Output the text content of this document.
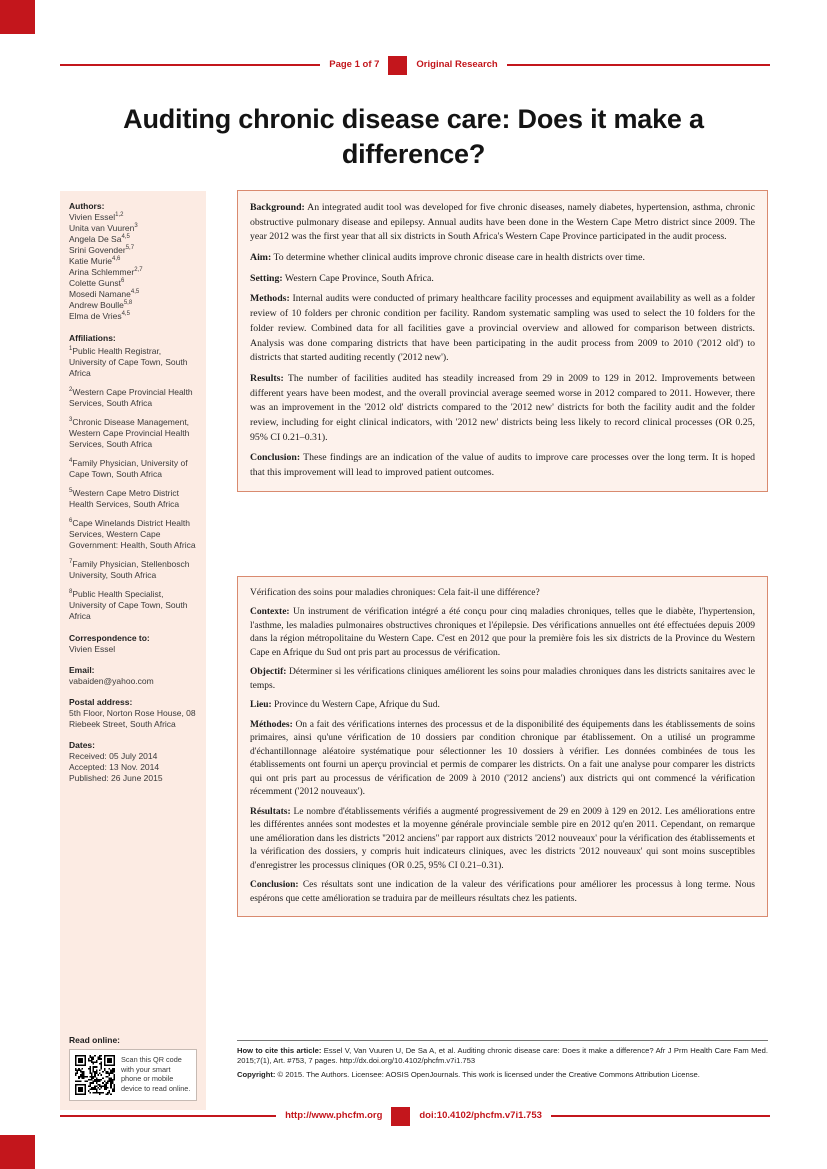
Page 1 of 7	Original Research
Auditing chronic disease care: Does it make a difference?
Authors:
Vivien Essel$^{1,2}$
Unita van Vuuren$^3$
Angela De Sa$^{4,5}$
Srini Govender$^{5,7}$
Katie Murie$^{4,6}$
Arina Schlemmer$^{2,7}$
Colette Gunst$^6$
Mosedi Namane$^{4,5}$
Andrew Boulle$^{5,8}$
Elma de Vries$^{4,5}$
Affiliations:

$^1$Public Health Registrar, University of Cape Town, South Africa

$^2$Western Cape Provincial Health Services, South Africa

$^3$Chronic Disease Management, Western Cape Provincial Health Services, South Africa

$^4$Family Physician, University of Cape Town, South Africa

$^5$Western Cape Metro District Health Services, South Africa

$^6$Cape Winelands District Health Services, Western Cape Government: Health, South Africa

$^7$Family Physician, Stellenbosch University, South Africa

$^8$Public Health Specialist, University of Cape Town, South Africa

Correspondence to:
Vivien Essel
Email:
vabaiden@yahoo.com
Postal address:
5th Floor, Norton Rose House, 08 Riebeek Street, South Africa
Dates:
Received: 05 July 2014
Accepted: 13 Nov. 2014
Published: 26 June 2015
Read online:
Scan this QR code with your smart phone or mobile device to read online.

Background: An integrated audit tool was developed for five chronic diseases, namely diabetes, hypertension, asthma, chronic obstructive pulmonary disease and epilepsy. Annual audits have been done in the Western Cape Metro district since 2009. The year 2012 was the first year that all six districts in South Africa's Western Cape Province participated in the audit process.

Aim: To determine whether clinical audits improve chronic disease care in health districts over time.

Setting: Western Cape Province, South Africa.

Methods: Internal audits were conducted of primary healthcare facility processes and equipment availability as well as a folder review of 10 folders per chronic condition per facility. Random systematic sampling was used to select the 10 folders for the folder review. Combined data for all facilities gave a provincial overview and allowed for comparison between districts. Analysis was done comparing districts that have been participating in the audit process from 2009 to 2010 ('2012 old') to districts that started auditing recently ('2012 new').

Results: The number of facilities audited has steadily increased from 29 in 2009 to 129 in 2012. Improvements between different years have been modest, and the overall provincial average seemed worse in 2012 compared to 2011. However, there was an improvement in the '2012 old' districts compared to the '2012 new' districts for both the facility audit and the folder review, including for eight clinical indicators, with '2012 new' districts being less likely to record clinical processes (OR 0.25, 95% CI 0.21–0.31).

Conclusion: These findings are an indication of the value of audits to improve care processes over the long term. It is hoped that this improvement will lead to improved patient outcomes.

Vérification des soins pour maladies chroniques: Cela fait-il une différence?

Contexte: Un instrument de vérification intégré a été conçu pour cinq maladies chroniques, telles que le diabète, l'hypertension, l'asthme, les maladies pulmonaires obstructives chroniques et l'épilepsie. Des vérifications annuelles ont été effectuées depuis 2009 dans la région métropolitaine du Western Cape. C'est en 2012 que pour la première fois les six districts de la Province du Western Cape en Afrique du Sud ont pris part au processus de vérification.

Objectif: Déterminer si les vérifications cliniques améliorent les soins pour maladies chroniques dans les districts sanitaires avec le temps.

Lieu: Province du Western Cape, Afrique du Sud.

Méthodes: On a fait des vérifications internes des processus et de la disponibilité des équipements dans les établissements de soins primaires, ainsi qu'une vérification de 10 dossiers par condition chronique par établissement. On a utilisé un programme d'échantillonnage aléatoire systématique pour sélectionner les 10 dossiers à vérifier. Les données combinées de tous les établissements ont fourni un aperçu provincial et permis de comparer les districts. On a fait une analyse pour comparer les districts qui ont pris part au processus de vérification de 2009 à 2010 ('2012 anciens') aux districts qui ont commencé la vérification récemment ('2012 nouveaux').

Résultats: Le nombre d'établissements vérifiés a augmenté progressivement de 29 en 2009 à 129 en 2012. Les améliorations entre les différentes années sont modestes et la moyenne générale provinciale semble pire en 2012 qu'en 2011. Cependant, on remarque une amélioration dans les districts ''2012 anciens'' par rapport aux districts '2012 nouveaux' pour la vérification des établissements et la vérification des dossiers, y compris huit indicateurs cliniques, avec les districts '2012 nouveaux' qui sont moins susceptibles d'enregistrer les processus cliniques (OR 0.25, 95% CI 0.21–0.31).

Conclusion: Ces résultats sont une indication de la valeur des vérifications pour améliorer les processus à long terme. Nous espérons que cette amélioration se traduira par de meilleurs résultats chez les patients.

How to cite this article: Essel V, Van Vuuren U, De Sa A, et al. Auditing chronic disease care: Does it make a difference? Afr J Prm Health Care Fam Med. 2015;7(1), Art. #753, 7 pages. http://dx.doi.org/10.4102/phcfm.v7i1.753

Copyright: © 2015. The Authors. Licensee: AOSIS OpenJournals. This work is licensed under the Creative Commons Attribution License.

http://www.phcfm.org	doi:10.4102/phcfm.v7i1.753
